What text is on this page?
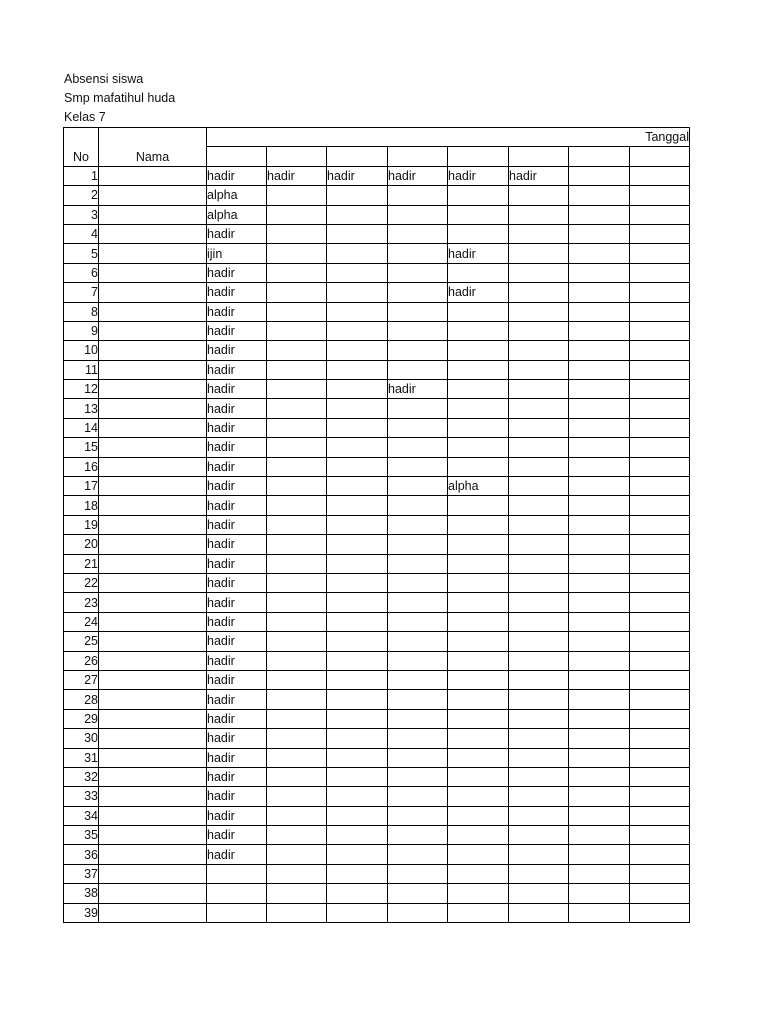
Absensi siswa
Smp mafatihul huda
Kelas 7
No	Nama	Tanggal							

1		hadir	hadir	hadir	hadir	hadir	hadir		
2		alpha							
3		alpha							
4		hadir							
5		ijin				hadir			
6		hadir							
7		hadir				hadir			
8		hadir							
9		hadir							
10		hadir							
11		hadir							
12		hadir			hadir				
13		hadir							
14		hadir							
15		hadir							
16		hadir							
17		hadir				alpha			
18		hadir							
19		hadir							
20		hadir							
21		hadir							
22		hadir							
23		hadir							
24		hadir							
25		hadir							
26		hadir							
27		hadir							
28		hadir							
29		hadir							
30		hadir							
31		hadir							
32		hadir							
33		hadir							
34		hadir							
35		hadir							
36		hadir							
37									
38									
39									
